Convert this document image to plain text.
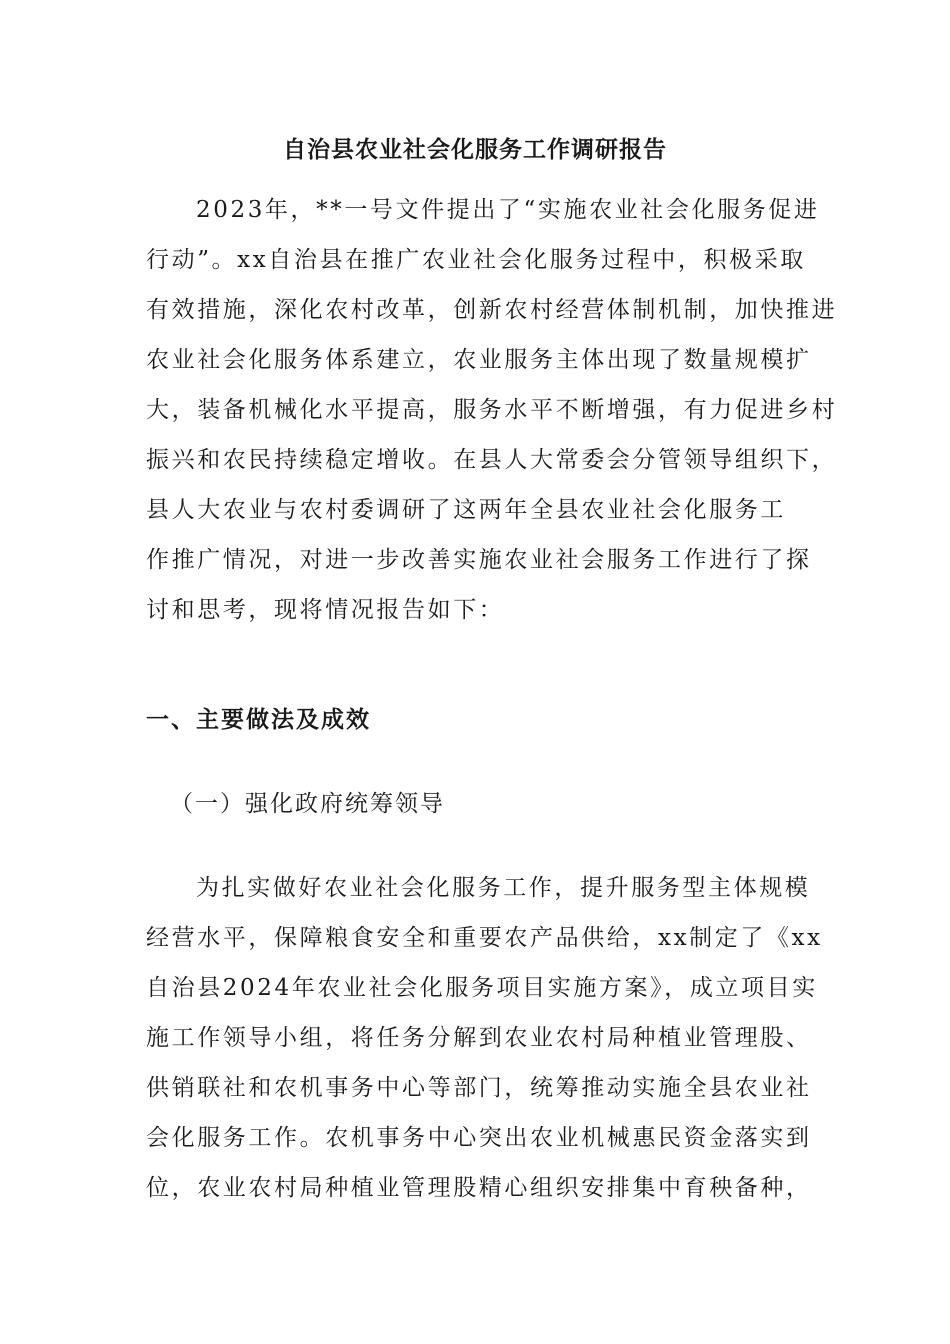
自治县农业社会化服务工作调研报告
2023年，**一号文件提出了“实施农业社会化服务促进
行动”。xx自治县在推广农业社会化服务过程中，积极采取
有效措施，深化农村改革，创新农村经营体制机制，加快推进
农业社会化服务体系建立，农业服务主体出现了数量规模扩
大，装备机械化水平提高，服务水平不断增强，有力促进乡村
振兴和农民持续稳定增收。在县人大常委会分管领导组织下，
县人大农业与农村委调研了这两年全县农业社会化服务工
作推广情况，对进一步改善实施农业社会服务工作进行了探
讨和思考，现将情况报告如下：
一、主要做法及成效
（一）强化政府统筹领导
为扎实做好农业社会化服务工作，提升服务型主体规模
经营水平，保障粮食安全和重要农产品供给，xx制定了《xx
自治县2024年农业社会化服务项目实施方案》，成立项目实
施工作领导小组，将任务分解到农业农村局种植业管理股、
供销联社和农机事务中心等部门，统筹推动实施全县农业社
会化服务工作。农机事务中心突出农业机械惠民资金落实到
位，农业农村局种植业管理股精心组织安排集中育秧备种，
